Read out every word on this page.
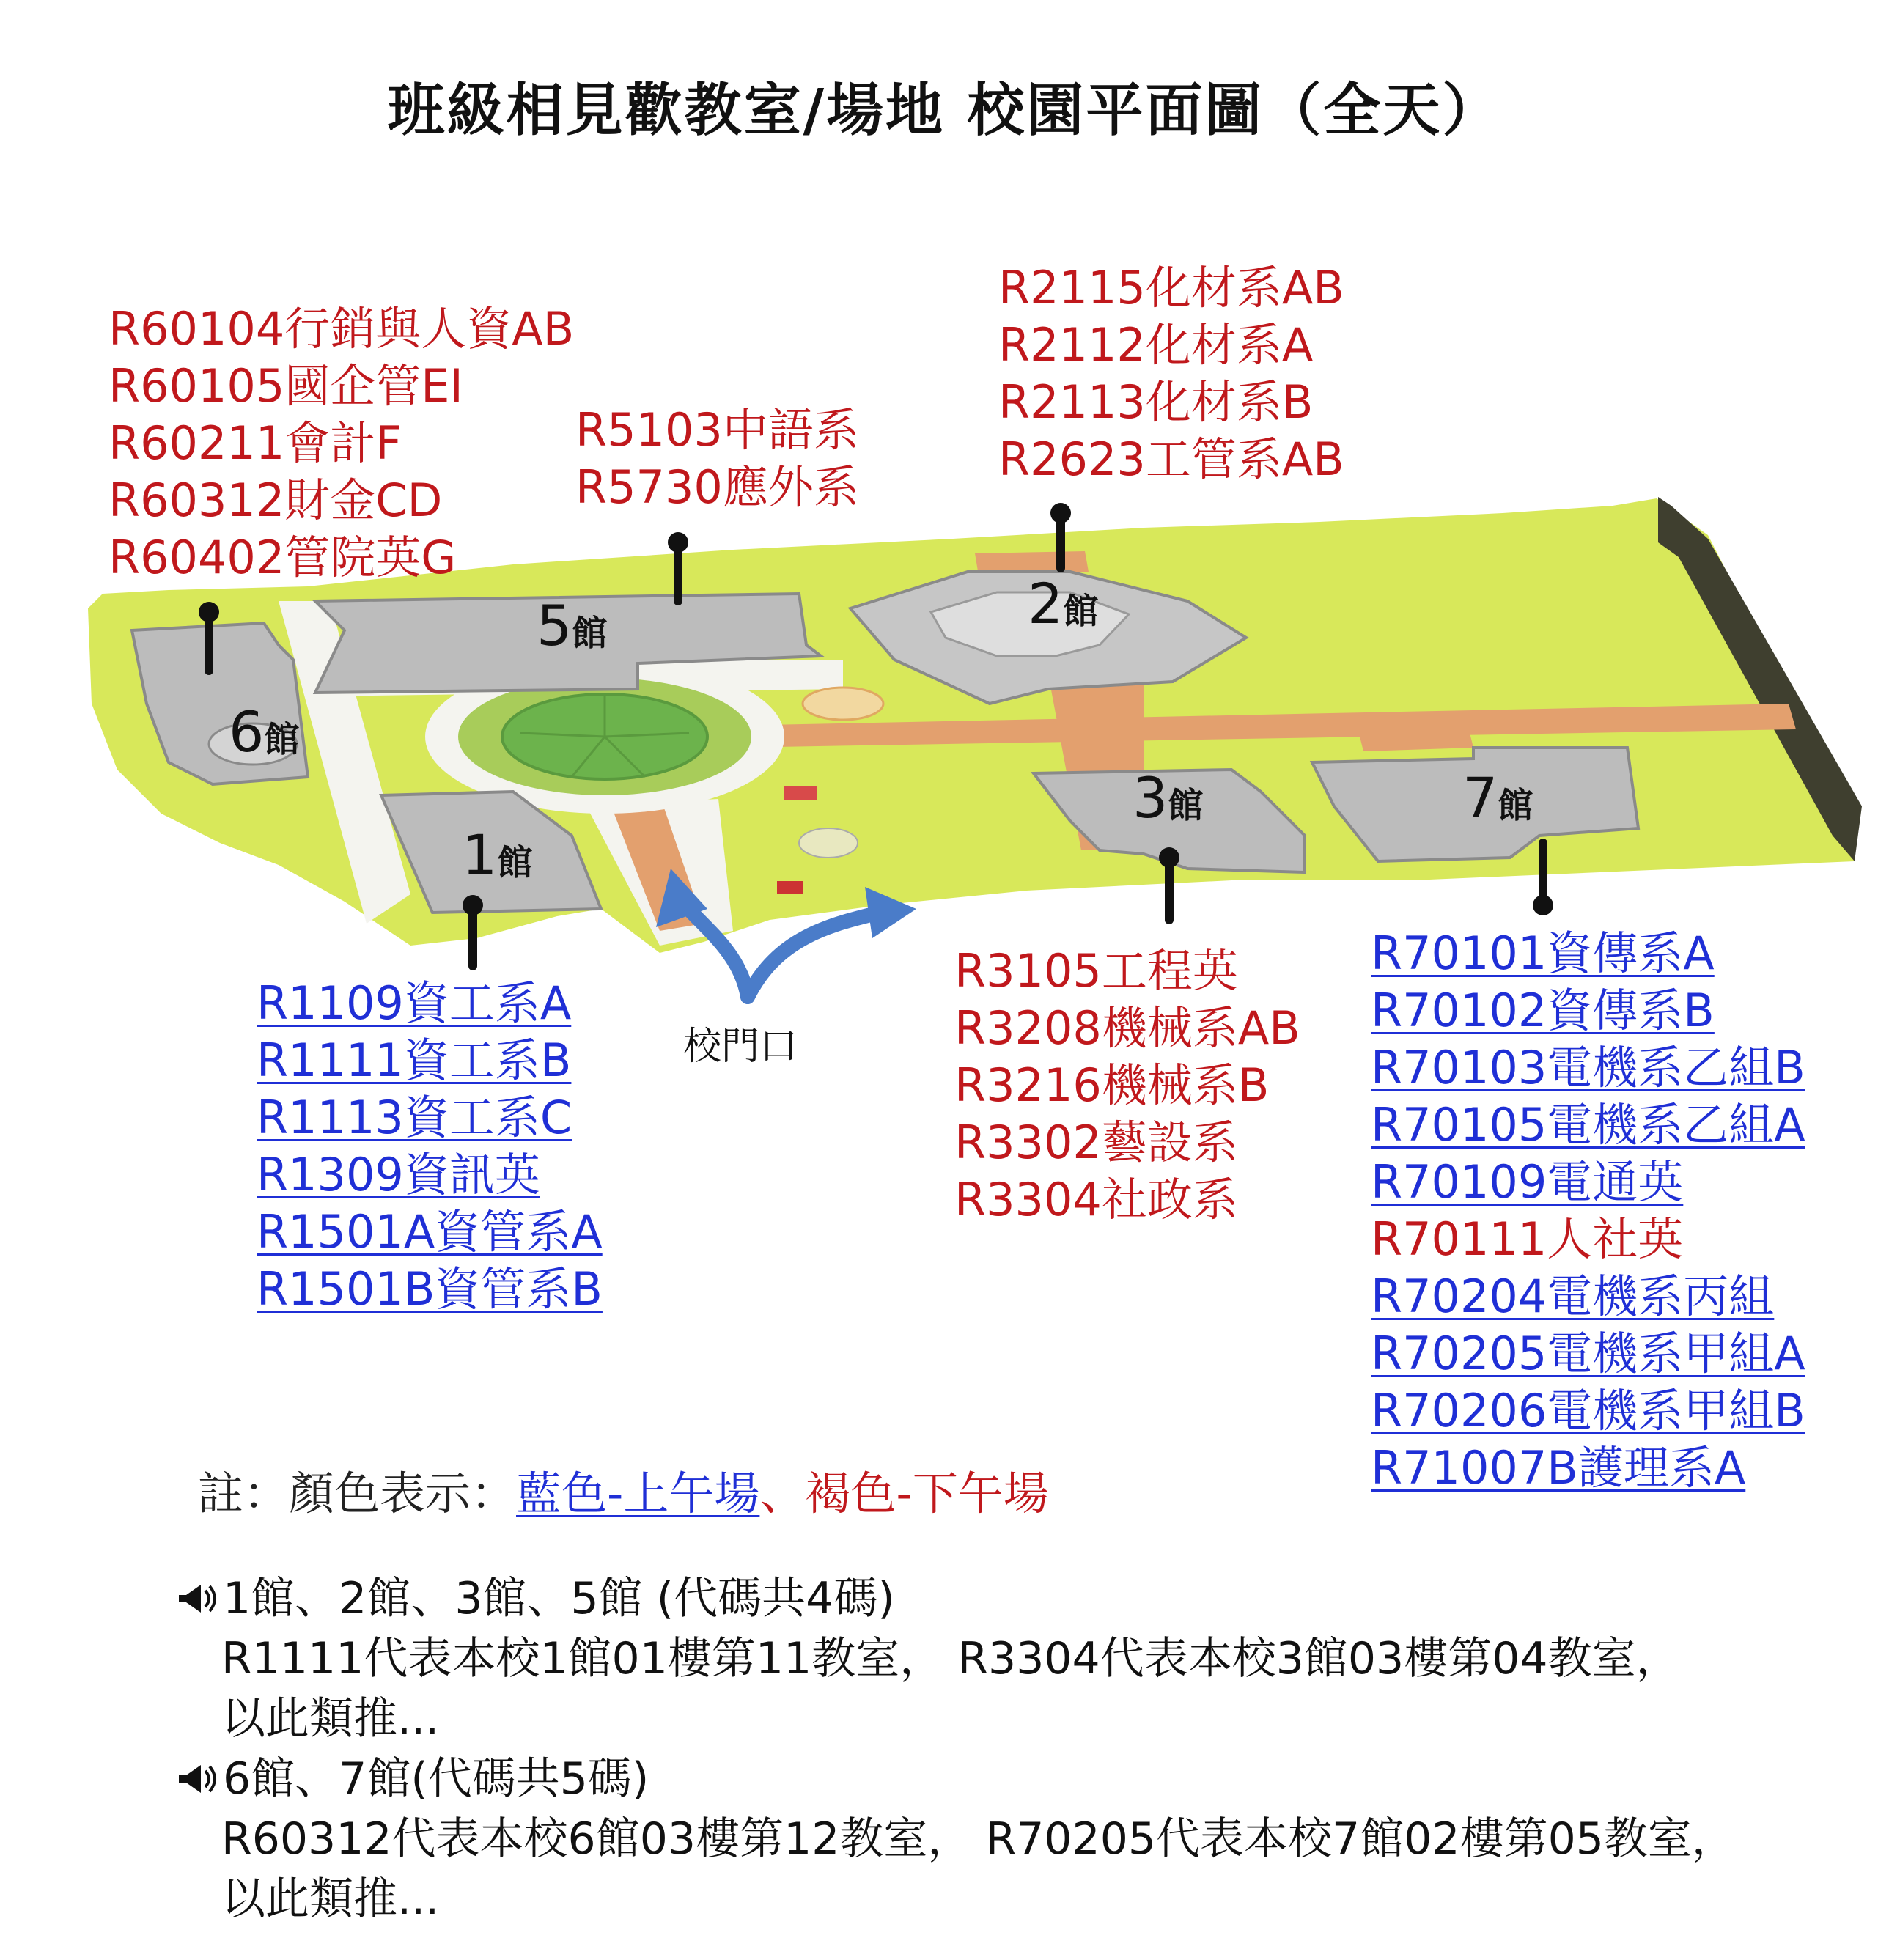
5館	2館
6館
1館
3館	7館
班級相見歡教室/場地 校園平面圖（全天）
R60104行銷與人資AB
R60105國企管EI
R60211會計F
R60312財金CD
R60402管院英G
R5103中語系
R5730應外系
R2115化材系AB
R2112化材系A
R2113化材系B
R2623工管系AB
R1109資工系A
R1111資工系B
R1113資工系C
R1309資訊英
R1501A資管系A
R1501B資管系B
R3105工程英
R3208機械系AB
R3216機械系B
R3302藝設系
R3304社政系
R70101資傳系A
R70102資傳系B
R70103電機系乙組B
R70105電機系乙組A
R70109電通英
R70111人社英
R70204電機系丙組
R70205電機系甲組A
R70206電機系甲組B
R71007B護理系A
校門口
註：顏色表示：藍色-上午場、褐色-下午場
1館、2館、3館、5館 (代碼共4碼)
R1111代表本校1館01樓第11教室， R3304代表本校3館03樓第04教室，
以此類推...
6館、7館(代碼共5碼)
R60312代表本校6館03樓第12教室， R70205代表本校7館02樓第05教室，
以此類推...
